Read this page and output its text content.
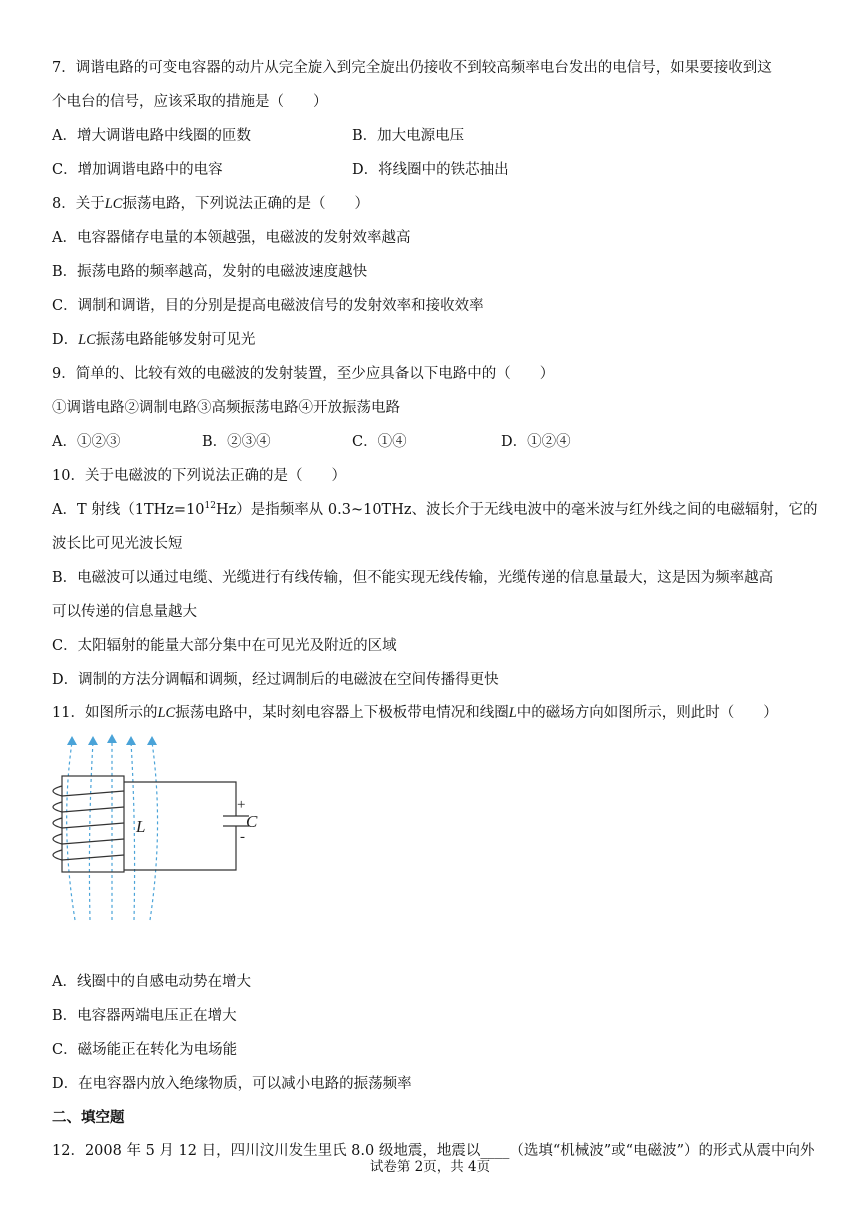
7．调谐电路的可变电容器的动片从完全旋入到完全旋出仍接收不到较高频率电台发出的电信号，如果要接收到这
个电台的信号，应该采取的措施是（　　）
A．增大调谐电路中线圈的匝数	B．加大电源电压
C．增加调谐电路中的电容	D．将线圈中的铁芯抽出
8．关于LC振荡电路，下列说法正确的是（　　）
A．电容器储存电量的本领越强，电磁波的发射效率越高
B．振荡电路的频率越高，发射的电磁波速度越快
C．调制和调谐，目的分别是提高电磁波信号的发射效率和接收效率
D．LC振荡电路能够发射可见光
9．简单的、比较有效的电磁波的发射装置，至少应具备以下电路中的（　　）
①调谐电路②调制电路③高频振荡电路④开放振荡电路
A．①②③	B．②③④	C．①④	D．①②④
10．关于电磁波的下列说法正确的是（　　）
A．T 射线$(1THz=10^{12}Hz)$是指频率从 0.3~10THz、波长介于无线电波中的毫米波与红外线之间的电磁辐射，它的
波长比可见光波长短
B．电磁波可以通过电缆、光缆进行有线传输，但不能实现无线传输，光缆传递的信息量最大，这是因为频率越高
可以传递的信息量越大
C．太阳辐射的能量大部分集中在可见光及附近的区域
D．调制的方法分调幅和调频，经过调制后的电磁波在空间传播得更快
11．如图所示的LC振荡电路中，某时刻电容器上下极板带电情况和线圈L中的磁场方向如图所示，则此时（　　）
L
+
C
-
A．线圈中的自感电动势在增大
B．电容器两端电压正在增大
C．磁场能正在转化为电场能
D．在电容器内放入绝缘物质，可以减小电路的振荡频率
二、填空题
12．2008 年 5 月 12 日，四川汶川发生里氏 8.0 级地震，地震以____（选填“机械波”或“电磁波”）的形式从震中向外
试卷第 2页，共 4页
